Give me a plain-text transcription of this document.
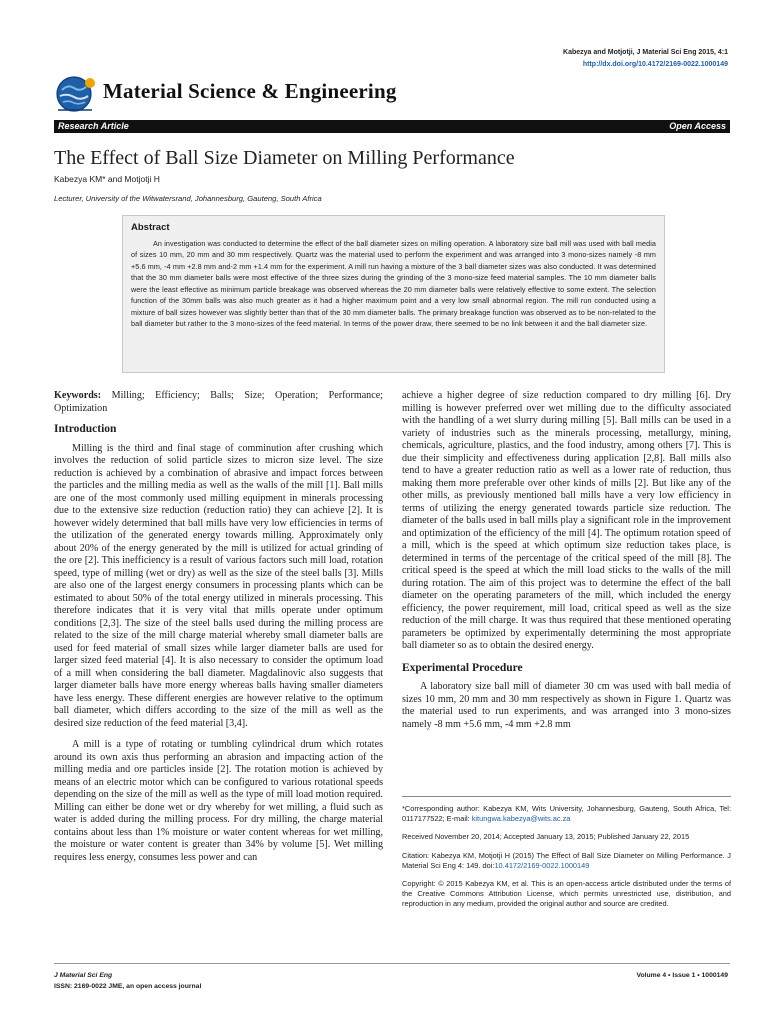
Kabezya and Motjotji, J Material Sci Eng 2015, 4:1
http://dx.doi.org/10.4172/2169-0022.1000149
Material Science & Engineering
Research Article	Open Access
The Effect of Ball Size Diameter on Milling Performance
Kabezya KM* and Motjotji H
Lecturer, University of the Witwatersrand, Johannesburg, Gauteng, South Africa
Abstract
An investigation was conducted to determine the effect of the ball diameter sizes on milling operation. A laboratory size ball mill was used with ball media of sizes 10 mm, 20 mm and 30 mm respectively. Quartz was the material used to perform the experiment and was arranged into 3 mono-sizes namely -8 mm +5.6 mm, -4 mm +2.8 mm and-2 mm +1.4 mm for the experiment. A mill run having a mixture of the 3 ball diameter sizes was also conducted. It was determined that the 30 mm diameter balls were most effective of the three sizes during the grinding of the 3 mono-size feed material samples. The 10 mm diameter balls were the least effective as minimum particle breakage was observed whereas the 20 mm diameter balls were relatively effective to some extent. The selection function of the 30mm balls was also much greater as it had a higher maximum point and a very low small abnormal region. The mill run conducted using a mixture of ball sizes however was slightly better than that of the 30 mm diameter balls. The primary breakage function was observed as to be non-related to the ball diameter but rather to the 3 mono-sizes of the feed material. In terms of the power draw, there seemed to be no link between it and the ball diameter size.

Keywords: Milling; Efficiency; Balls; Size; Operation; Performance; Optimization

Introduction

Milling is the third and final stage of comminution after crushing which involves the reduction of solid particle sizes to micron size level. The size reduction is achieved by a combination of abrasive and impact forces between the particles and the milling media as well as the walls of the mill [1]. Ball mills are one of the most commonly used milling equipment in minerals processing due to the extensive size reduction (reduction ratio) they can achieve [2]. It is however widely determined that ball mills have very low efficiencies in terms of the utilization of the generated energy towards milling. Approximately only about 20% of the energy generated by the mill is utilized for actual grinding of the ore [2]. This inefficiency is a result of various factors such mill load, rotation speed, type of milling (wet or dry) as well as the size of the steel balls [3]. Mills are also one of the largest energy consumers in processing plants which can be estimated to about 50% of the total energy utilized in minerals processing. This therefore indicates that it is very vital that mills operate under optimum conditions [2,3]. The size of the steel balls used during the milling process are related to the size of the mill charge material whereby small diameter balls are used for feed material of small sizes while larger diameter balls are used for larger sized feed material [4]. It is also necessary to consider the optimum load of a mill when considering the ball diameter. Magdalinovic also suggests that larger diameter balls have more energy whereas balls having smaller diameters have less energy. These different energies are however relative to the optimum ball diameter, which differs according to the size of the mill as well as the desired size reduction of the feed material [3,4].

A mill is a type of rotating or tumbling cylindrical drum which rotates around its own axis thus performing an abrasion and impacting action of the milling media and ore particles inside [2]. The rotation motion is achieved by means of an electric motor which can be configured to various rotational speeds depending on the size of the mill as well as the type of mill load motion required. Milling can either be done wet or dry whereby for wet milling, a fluid such as water is added during the milling process. For dry milling, the charge material contains about less than 1% moisture or water content whereas for wet milling, the moisture or water content is greater than 34% by volume [5]. Wet milling requires less energy, consumes less power and can

achieve a higher degree of size reduction compared to dry milling [6]. Dry milling is however preferred over wet milling due to the difficulty associated with the handling of a wet slurry during milling [5]. Ball mills can be used in a variety of industries such as the minerals processing, metallurgy, mining, chemicals, agriculture, plastics, and the food industry, among others [7]. This is due their simplicity and effectiveness during application [2,8]. Ball mills also tend to have a greater reduction ratio as well as a lower rate of reduction, thus making them more preferable over other kinds of mills [2]. But like any of the other mills, as previously mentioned ball mills have a very low efficiency in terms of utilizing the energy generated towards particle size reduction. The diameter of the balls used in ball mills play a significant role in the improvement and optimization of the efficiency of the mill [4]. The optimum rotation speed of a mill, which is the speed at which optimum size reduction takes place, is determined in terms of the percentage of the critical speed of the mill [8]. The critical speed is the speed at which the mill load sticks to the walls of the mill during rotation. The aim of this project was to determine the effect of the ball diameter on the operating parameters of the mill, which included the energy efficiency, the power requirement, mill load, critical speed as well as the size reduction of the mill charge. It was thus required that these mentioned operating parameters be optimized by experimentally determining the most appropriate ball diameter so as to obtain the desired energy.

Experimental Procedure

A laboratory size ball mill of diameter 30 cm was used with ball media of sizes 10 mm, 20 mm and 30 mm respectively as shown in Figure 1. Quartz was the material used to run experiments, and was arranged into 3 mono-sizes namely -8 mm +5.6 mm, -4 mm +2.8 mm

*Corresponding author: Kabezya KM, Wits University, Johannesburg, Gauteng, South Africa, Tel: 0117177522; E-mail: kitungwa.kabezya@wits.ac.za

Received November 20, 2014; Accepted January 13, 2015; Published January 22, 2015

Citation: Kabezya KM, Motjotji H (2015) The Effect of Ball Size Diameter on Milling Performance. J Material Sci Eng 4: 149. doi:10.4172/2169-0022.1000149

Copyright: © 2015 Kabezya KM, et al. This is an open-access article distributed under the terms of the Creative Commons Attribution License, which permits unrestricted use, distribution, and reproduction in any medium, provided the original author and source are credited.

J Material Sci Eng
ISSN: 2169-0022 JME, an open access journal
Volume 4 • Issue 1 • 1000149
